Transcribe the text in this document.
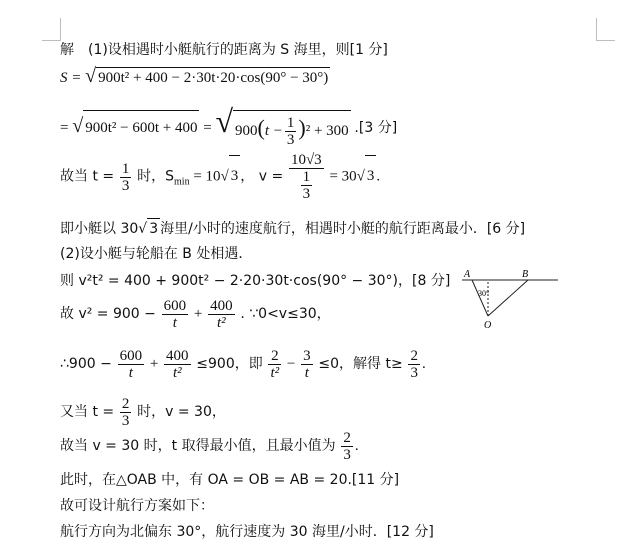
解　(1)设相遇时小艇航行的距离为 S 海里，则[1 分]
S = √ 900t² + 400 − 2·30t·20·cos(90° − 30°)
= √ 900t² − 600t + 400 = √ $900(t - \frac{1}{3} )^2 + 300$ .[3 分]
故当 $t = \frac{1}{3}$ 时，$S_{min} = 10√$ 3 ， $v = \frac{10√3}{\frac{1}{3}} = 30√$ 3 .
即小艇以 30√ 3 海里/小时的速度航行，相遇时小艇的航行距离最小．[6 分]
(2)设小艇与轮船在 B 处相遇．
则 v²t² = 400 + 900t² − 2·20·30t·cos(90° − 30°)，[8 分]
故 $v^2 = 900 - \frac{600}{t} + \frac{400}{\text{t²}}$ . ∵0<v≤30，
∴900 − $\frac{600}{t} + \frac{400}{\text{t²}} \le 900$，即 $\frac{2}{\text{t²}} - \frac{3}{t} \le 0$，解得 $t\ge \frac{2}{3}$ .
又当 $t = \frac{2}{3}$ 时，v = 30，
故当 v = 30 时，t 取得最小值，且最小值为 $\frac{2}{3}$ .
此时，在△OAB 中，有 OA = OB = AB = 20.[11 分]
故可设计航行方案如下：
航行方向为北偏东 30°，航行速度为 30 海里/小时．[12 分]
A	B
O
30°
